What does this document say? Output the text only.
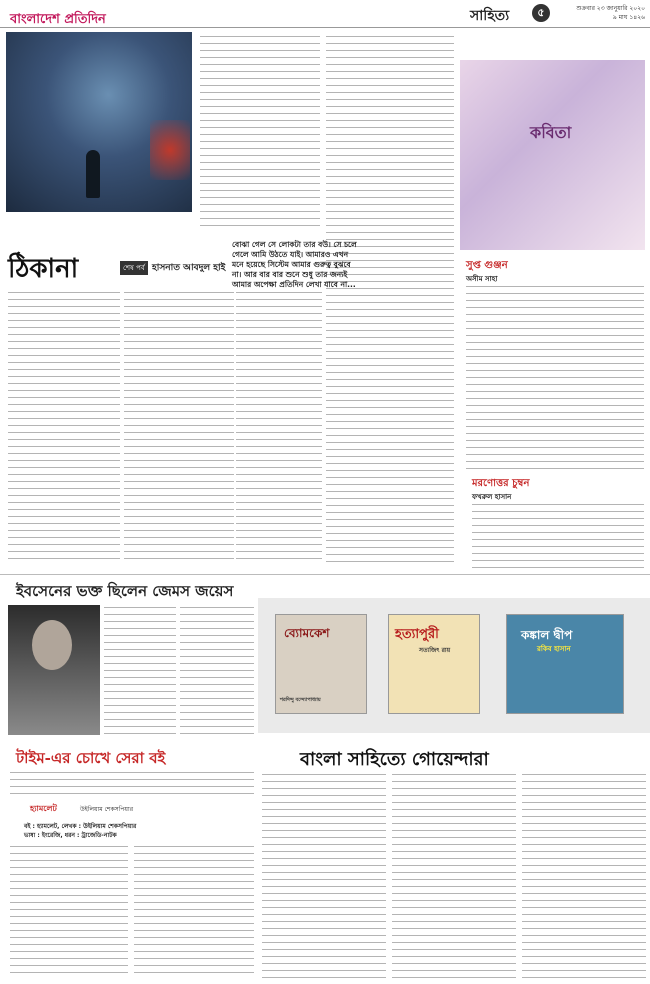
বাংলাদেশ প্রতিদিন	সাহিত্য	৫	শুক্রবার ২৩ জানুয়ারি ২০২০
৯ মাঘ ১৪২৬
ঠিকানা	শেষ পর্ব হাসনাত আবদুল হাই
বোঝা গেল সে লোকটা তার বউ। সে চলে গেলে আমি উঠতে যাই। আমারও এখন মনে হয়েছে সিস্টেম আমার গুরুত্ব বুঝবে না। আর বার বার শুনে শুধু তার জন্যই আমার অপেক্ষা প্রতিদিন লেখা যাবে না...
কবিতা
সুপ্ত গুঞ্জন
অসীম সাহা
মরণোত্তর চুম্বন
ফখরুল হাসান
ইবসেনের ভক্ত ছিলেন জেমস জয়েস
টাইম-এর চোখে সেরা বই
হ্যামলেট	উইলিয়াম শেকসপিয়ার
বই : হ্যামলেট, লেখক : উইলিয়াম শেকসপিয়ার
ভাষা : ইংরেজি, ধরন : ট্রাজেডি-নাটক
ব্যোমকেশ
শরদিন্দু বন্দ্যোপাধ্যায়
হত্যাপুরী
সত্যজিৎ রায়
কঙ্কাল দ্বীপ
রকিব হাসান
বাংলা সাহিত্যে গোয়েন্দারা
